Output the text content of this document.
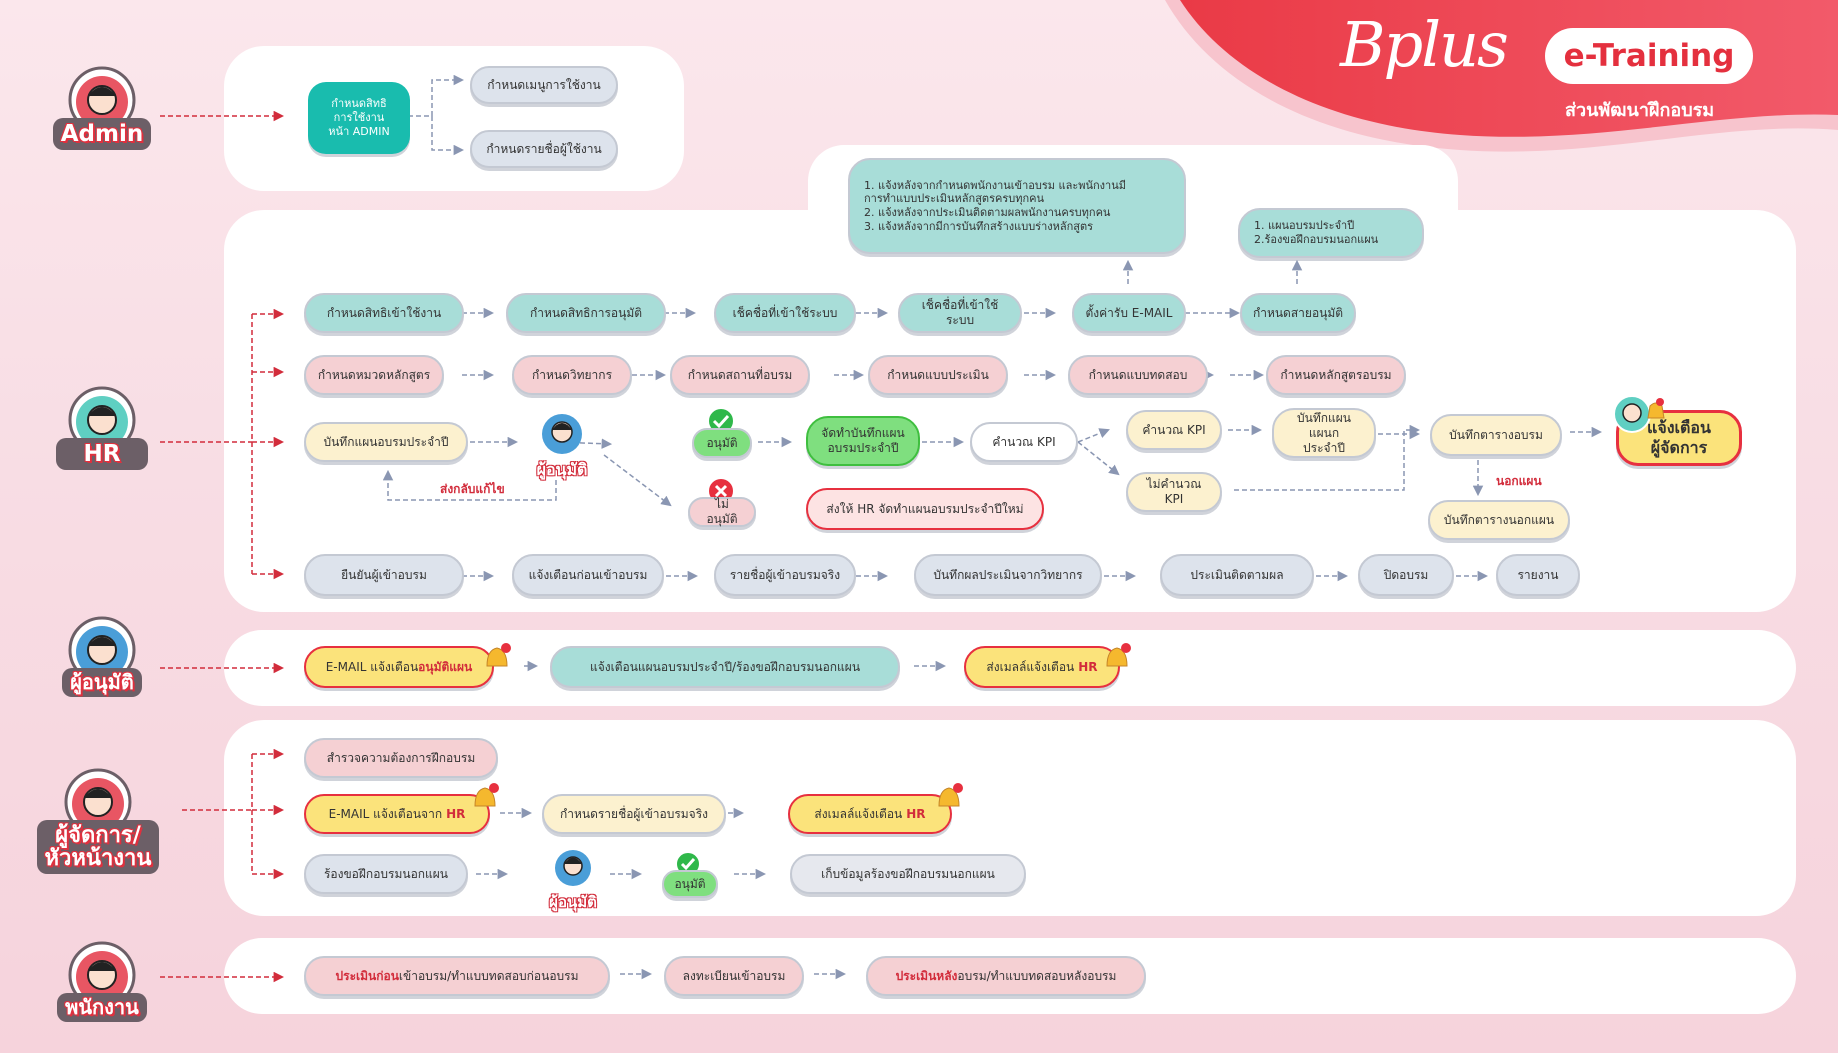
Bplus	e-Training
ส่วนพัฒนาฝึกอบรม
Admin
HR
ผู้อนุมัติ
ผู้จัดการ/
หัวหน้างาน
พนักงาน
กำหนดสิทธิ
การใช้งาน
หน้า ADMIN
กำหนดเมนูการใช้งาน
กำหนดรายชื่อผู้ใช้งาน
1. แจ้งหลังจากกำหนดพนักงานเข้าอบรม และพนักงานมี
การทำแบบประเมินหลักสูตรครบทุกคน
2. แจ้งหลังจากประเมินติดตามผลพนักงานครบทุกคน
3. แจ้งหลังจากมีการบันทึกสร้างแบบร่างหลักสูตร	1. แผนอบรมประจำปี
2.ร้องขอฝึกอบรมนอกแผน
กำหนดสิทธิเข้าใช้งาน	กำหนดสิทธิการอนุมัติ	เช็คชื่อที่เข้าใช้ระบบ
เช็คชื่อที่เข้าใช้ระบบ
ตั้งค่ารับ E-MAIL	กำหนดสายอนุมัติ
กำหนดหมวดหลักสูตร	กำหนดวิทยากร	กำหนดสถานที่อบรม	กำหนดแบบประเมิน	กำหนดแบบทดสอบ	กำหนดหลักสูตรอบรม
บันทึกแผนอบรมประจำปี
ผู้อนุมัติ
ส่งกลับแก้ไข
อนุมัติ
ไม่อนุมัติ
จัดทำบันทึกแผน
อบรมประจำปี
ส่งให้ HR จัดทำแผนอบรมประจำปีใหม่
คำนวณ KPI
คำนวณ KPI
ไม่คำนวณ KPI
บันทึกแผนแผนก
ประจำปี
บันทึกตารางอบรม
นอกแผน
บันทึกตารางนอกแผน
แจ้งเตือน
ผู้จัดการ
ยืนยันผู้เข้าอบรม	แจ้งเตือนก่อนเข้าอบรม	รายชื่อผู้เข้าอบรมจริง	บันทึกผลประเมินจากวิทยากร	ประเมินติดตามผล	ปิดอบรม	รายงาน
E-MAIL แจ้งเตือน อนุมัติแผน	แจ้งเตือนแผนอบรมประจำปี/ร้องขอฝึกอบรมนอกแผน	ส่งเมลล์แจ้งเตือน HR
สำรวจความต้องการฝึกอบรม
E-MAIL แจ้งเตือนจาก HR	กำหนดรายชื่อผู้เข้าอบรมจริง	ส่งเมลล์แจ้งเตือน HR
ร้องขอฝึกอบรมนอกแผน
ผู้อนุมัติ
อนุมัติ
เก็บข้อมูลร้องขอฝึกอบรมนอกแผน
ประเมินก่อน เข้าอบรม/ทำแบบทดสอบก่อนอบรม	ลงทะเบียนเข้าอบรม	ประเมินหลัง อบรม/ทำแบบทดสอบหลังอบรม
